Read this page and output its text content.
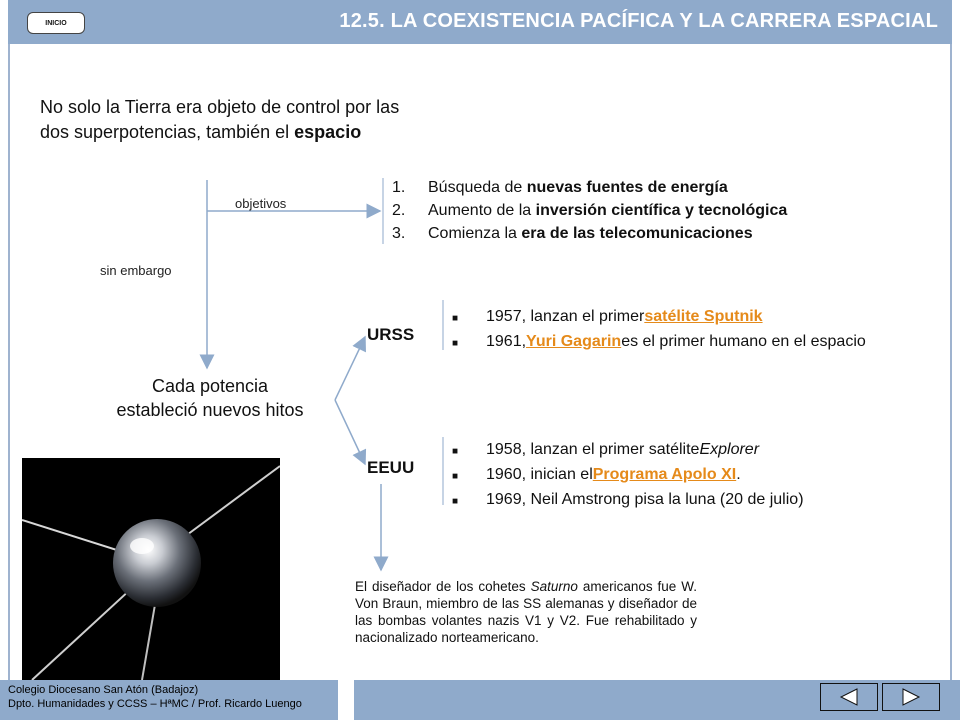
INICIO	12.5. LA COEXISTENCIA PACÍFICA Y LA CARRERA ESPACIAL
No solo la Tierra era objeto de control por las dos superpotencias, también el espacio
objetivos
sin embargo
1.	Búsqueda de nuevas fuentes de energía
2.	Aumento de la inversión científica y tecnológica
3.	Comienza la era de las telecomunicaciones
Cada potencia
estableció nuevos hitos
URSS
■	1957, lanzan el primer satélite Sputnik
■	1961, Yuri Gagarin es el primer humano en el espacio
EEUU
■	1958, lanzan el primer satélite Explorer
■	1960, inician el Programa Apolo XI .
■	1969, Neil Amstrong pisa la luna (20 de julio)
El diseñador de los cohetes Saturno americanos fue W. Von Braun, miembro de las SS alemanas y diseñador de las bombas volantes nazis V1 y V2. Fue rehabilitado y nacionalizado norteamericano.
Colegio Diocesano San Atón (Badajoz)
Dpto. Humanidades y CCSS – HªMC / Prof. Ricardo Luengo
